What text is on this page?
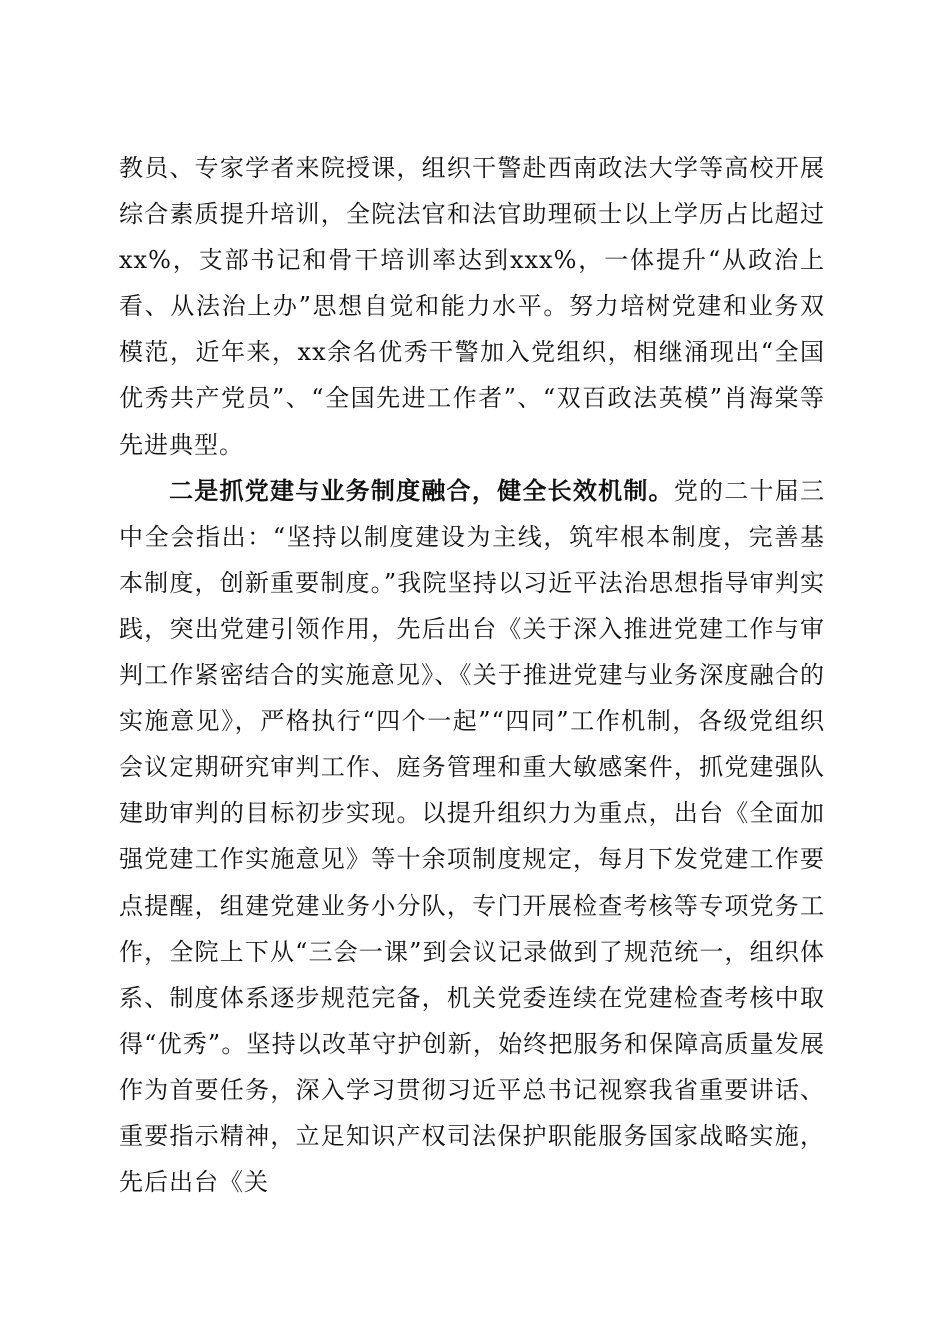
教员、专家学者来院授课，组织干警赴西南政法大学等高校开展综合素质提升培训，全院法官和法官助理硕士以上学历占比超过xx%，支部书记和骨干培训率达到xxx%，一体提升“从政治上看、从法治上办”思想自觉和能力水平。努力培树党建和业务双模范，近年来，xx余名优秀干警加入党组织，相继涌现出“全国优秀共产党员”、“全国先进工作者”、“双百政法英模”肖海棠等先进典型。

二是抓党建与业务制度融合，健全长效机制。党的二十届三中全会指出：“坚持以制度建设为主线，筑牢根本制度，完善基本制度，创新重要制度。”我院坚持以习近平法治思想指导审判实践，突出党建引领作用，先后出台《关于深入推进党建工作与审判工作紧密结合的实施意见》、《关于推进党建与业务深度融合的实施意见》，严格执行“四个一起”“四同”工作机制，各级党组织会议定期研究审判工作、庭务管理和重大敏感案件，抓党建强队建助审判的目标初步实现。以提升组织力为重点，出台《全面加强党建工作实施意见》等十余项制度规定，每月下发党建工作要点提醒，组建党建业务小分队，专门开展检查考核等专项党务工作，全院上下从“三会一课”到会议记录做到了规范统一，组织体系、制度体系逐步规范完备，机关党委连续在党建检查考核中取得“优秀”。坚持以改革守护创新，始终把服务和保障高质量发展作为首要任务，深入学习贯彻习近平总书记视察我省重要讲话、重要指示精神，立足知识产权司法保护职能服务国家战略实施，先后出台《关
